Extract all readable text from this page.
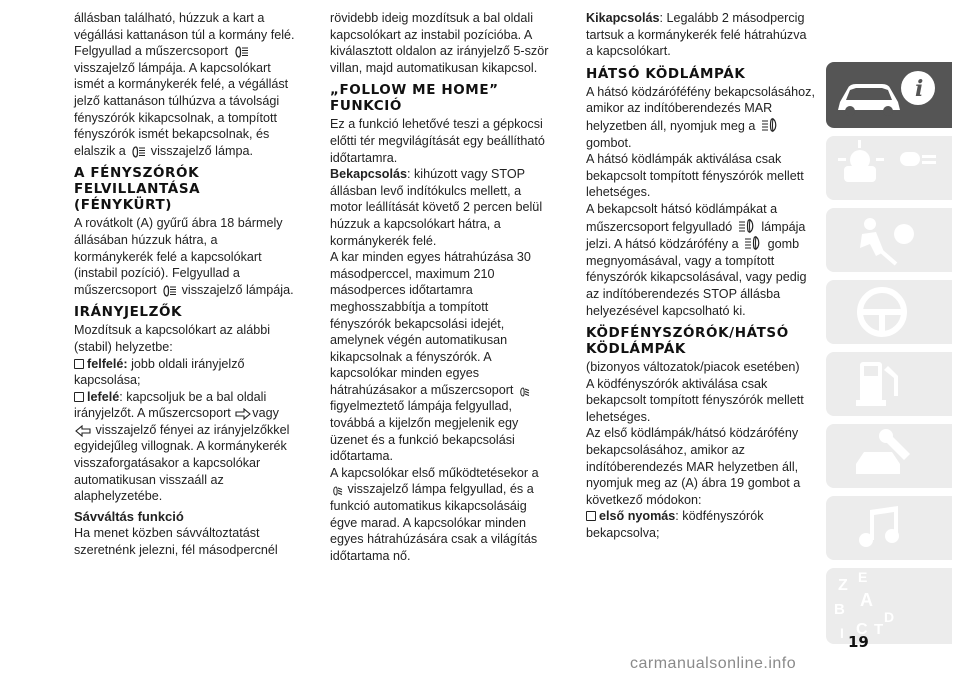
állásban található, húzzuk a kart a végállási kattanáson túl a kormány felé. Felgyullad a műszercsoport  visszajelző lámpája. A kapcsolókart ismét a kormánykerék felé, a végállást jelző kattanáson túlhúzva a távolsági fényszórók kikapcsolnak, a tompított fényszórók ismét bekapcsolnak, és elalszik a visszajelző lámpa.

A FÉNYSZÓRÓK FELVILLANTÁSA (FÉNYKÜRT)

A rovátkolt (A) gyűrű ábra 18 bármely állásában húzzuk hátra, a kormánykerék felé a kapcsolókart (instabil pozíció). Felgyullad a műszercsoport visszajelző lámpája.

IRÁNYJELZŐK

Mozdítsuk a kapcsolókart az alábbi (stabil) helyzetbe:

felfelé: jobb oldali irányjelző kapcsolása;

lefelé: kapcsoljuk be a bal oldali irányjelzőt. A műszercsoport vagy  visszajelző fényei az irányjelzőkkel egyidejűleg villognak. A kormánykerék visszaforgatásakor a kapcsolókar automatikusan visszaáll az alaphelyzetébe.

Sávváltás funkció

Ha menet közben sávváltoztatást szeretnénk jelezni, fél másodpercnél

rövidebb ideig mozdítsuk a bal oldali kapcsolókart az instabil pozícióba. A kiválasztott oldalon az irányjelző 5-ször villan, majd automatikusan kikapcsol.

„FOLLOW ME HOME” FUNKCIÓ

Ez a funkció lehetővé teszi a gépkocsi előtti tér megvilágítását egy beállítható időtartamra.

Bekapcsolás: kihúzott vagy STOP állásban levő indítókulcs mellett, a motor leállítását követő 2 percen belül húzzuk a kapcsolókart hátra, a kormánykerék felé.

A kar minden egyes hátrahúzása 30 másodperccel, maximum 210 másodperces időtartamra meghosszabbítja a tompított fényszórók bekapcsolási idejét, amelynek végén automatikusan kikapcsolnak a fényszórók. A kapcsolókar minden egyes hátrahúzásakor a műszercsoport  figyelmeztető lámpája felgyullad, továbbá a kijelzőn megjelenik egy üzenet és a funkció bekapcsolási időtartama.

A kapcsolókar első működtetésekor a  visszajelző lámpa felgyullad, és a funkció automatikus kikapcsolásáig égve marad. A kapcsolókar minden egyes hátrahúzására csak a világítás időtartama nő.

Kikapcsolás: Legalább 2 másodpercig tartsuk a kormánykerék felé hátrahúzva a kapcsolókart.

HÁTSÓ KÖDLÁMPÁK

A hátsó ködzáróféfény bekapcsolásához, amikor az indítóberendezés MAR helyzetben áll, nyomjuk meg a  gombot.

A hátsó ködlámpák aktiválása csak bekapcsolt tompított fényszórók mellett lehetséges.

A bekapcsolt hátsó ködlámpákat a műszercsoport felgyulladó lámpája jelzi. A hátsó ködzárófény a gomb megnyomásával, vagy a tompított fényszórók kikapcsolásával, vagy pedig az indítóberendezés STOP állásba helyezésével kapcsolható ki.

KÖDFÉNYSZÓRÓK/HÁTSÓ KÖDLÁMPÁK

(bizonyos változatok/piacok esetében)

A ködfényszórók aktiválása csak bekapcsolt tompított fényszórók mellett lehetséges.

Az első ködlámpák/hátsó ködzárófény bekapcsolásához, amikor az indítóberendezés MAR helyzetben áll, nyomjuk meg az (A) ábra 19 gombot a következő módokon:

első nyomás: ködfényszórók bekapcsolva;

i
Z E
B A
I C T
D
19
carmanualsonline.info
